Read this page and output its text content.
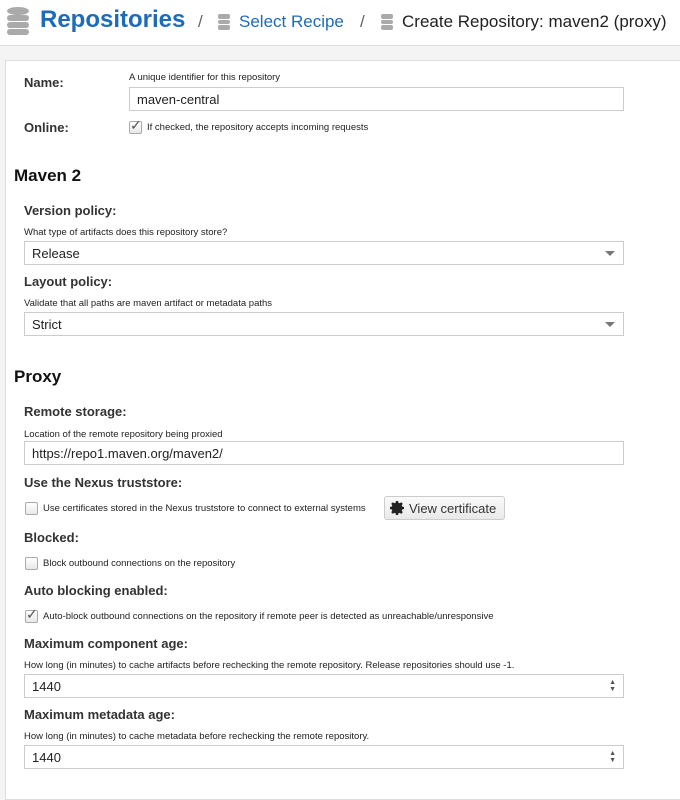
Repositories / Select Recipe / Create Repository: maven2 (proxy)
Name:	A unique identifier for this repository
maven-central
Online: ✓	If checked, the repository accepts incoming requests
Maven 2
Version policy:
What type of artifacts does this repository store?
Release
Layout policy:
Validate that all paths are maven artifact or metadata paths
Strict
Proxy
Remote storage:
Location of the remote repository being proxied
https://repo1.maven.org/maven2/
Use the Nexus truststore:
Use certificates stored in the Nexus truststore to connect to external systems	View certificate
Blocked:
Block outbound connections on the repository
Auto blocking enabled:
✓
Auto-block outbound connections on the repository if remote peer is detected as unreachable/unresponsive
Maximum component age:
How long (in minutes) to cache artifacts before rechecking the remote repository. Release repositories should use -1.
1440	▲
▼
Maximum metadata age:
How long (in minutes) to cache metadata before rechecking the remote repository.
1440	▲
▼
